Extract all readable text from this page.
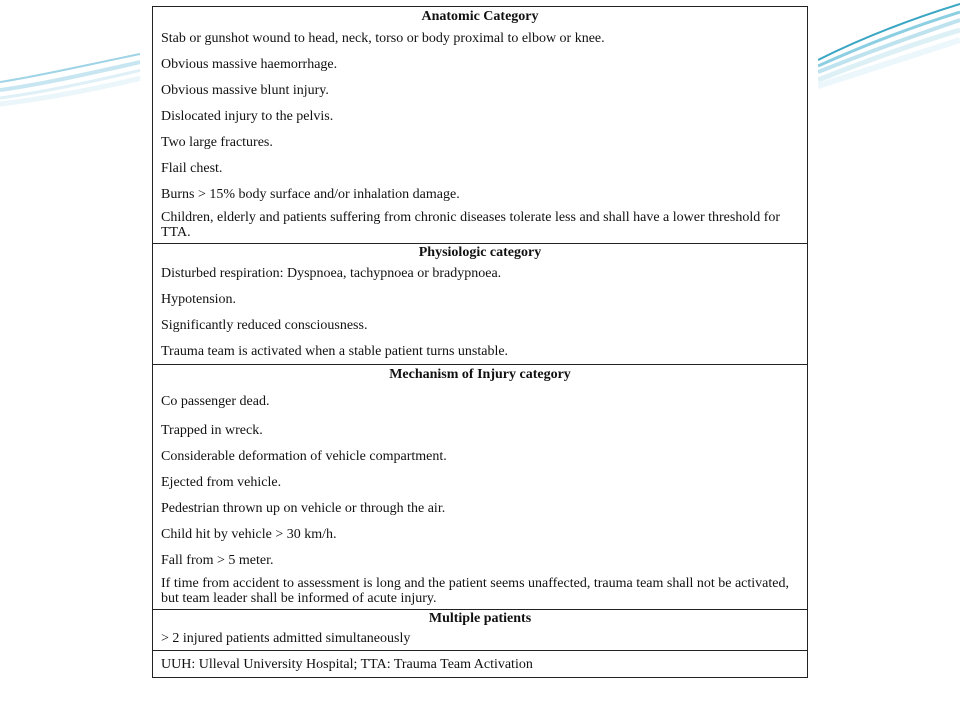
Anatomic Category
Stab or gunshot wound to head, neck, torso or body proximal to elbow or knee.
Obvious massive haemorrhage.
Obvious massive blunt injury.
Dislocated injury to the pelvis.
Two large fractures.
Flail chest.
Burns > 15% body surface and/or inhalation damage.
Children, elderly and patients suffering from chronic diseases tolerate less and shall have a lower threshold for TTA.
Physiologic category
Disturbed respiration: Dyspnoea, tachypnoea or bradypnoea.
Hypotension.
Significantly reduced consciousness.
Trauma team is activated when a stable patient turns unstable.
Mechanism of Injury category
Co passenger dead.
Trapped in wreck.
Considerable deformation of vehicle compartment.
Ejected from vehicle.
Pedestrian thrown up on vehicle or through the air.
Child hit by vehicle > 30 km/h.
Fall from > 5 meter.
If time from accident to assessment is long and the patient seems unaffected, trauma team shall not be activated, but team leader shall be informed of acute injury.
Multiple patients
> 2 injured patients admitted simultaneously
UUH: Ulleval University Hospital; TTA: Trauma Team Activation
